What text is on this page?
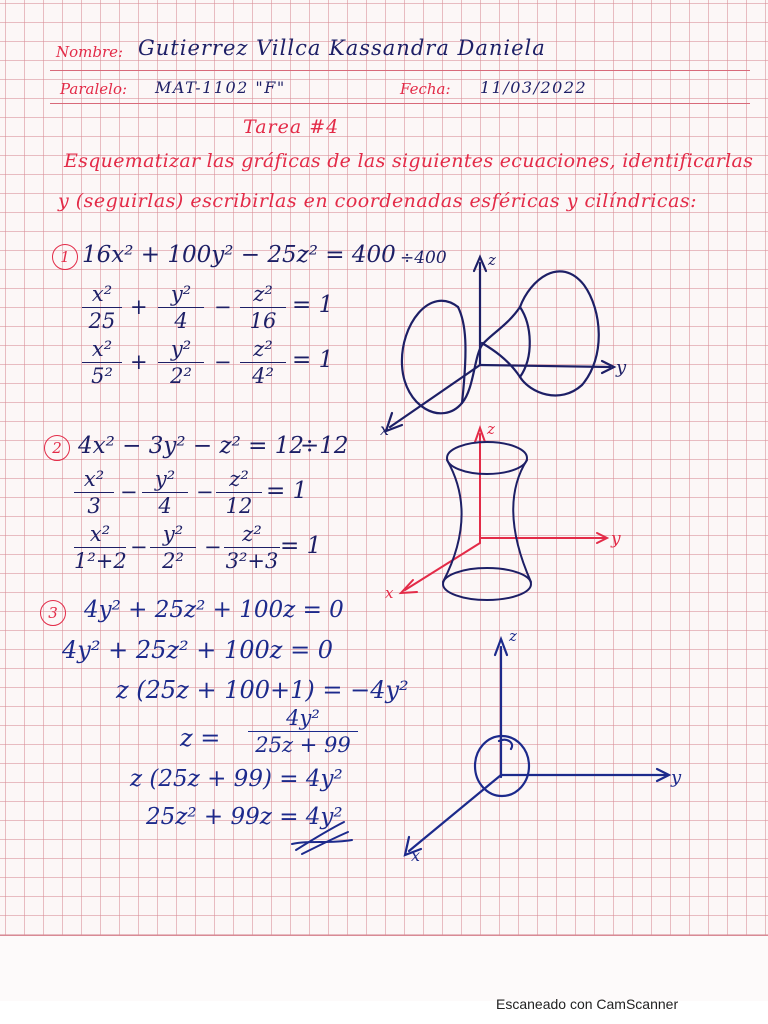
Nombre: Gutierrez Villca Kassandra Daniela
Paralelo: MAT-1102 "F"	Fecha: 11/03/2022
Tarea #4
Esquematizar las gráficas de las siguientes ecuaciones, identificarlas
y (seguirlas) escribirlas en coordenadas esféricas y cilíndricas:
1 16x² + 100y² − 25z² = 400 ÷400
x²
25
+
y²
4
−
z²
16
= 1
x²
5²
+
y²
2²
−
z²
4²
= 1
z
y
x
2 4x² − 3y² − z² = 12
÷12
x²
3
−
y²
4
−
z²
12
= 1
x²
1²+2
−
y²
2²
−
z²
3²+3
= 1
z
y
x
3	4y² + 25z² + 100z = 0
4y² + 25z² + 100z = 0
z (25z + 100+1) = −4y²
z =
4y²
25z + 99
z (25z + 99) = 4y²
25z² + 99z = 4y²
z
y
x
Escaneado con CamScanner
